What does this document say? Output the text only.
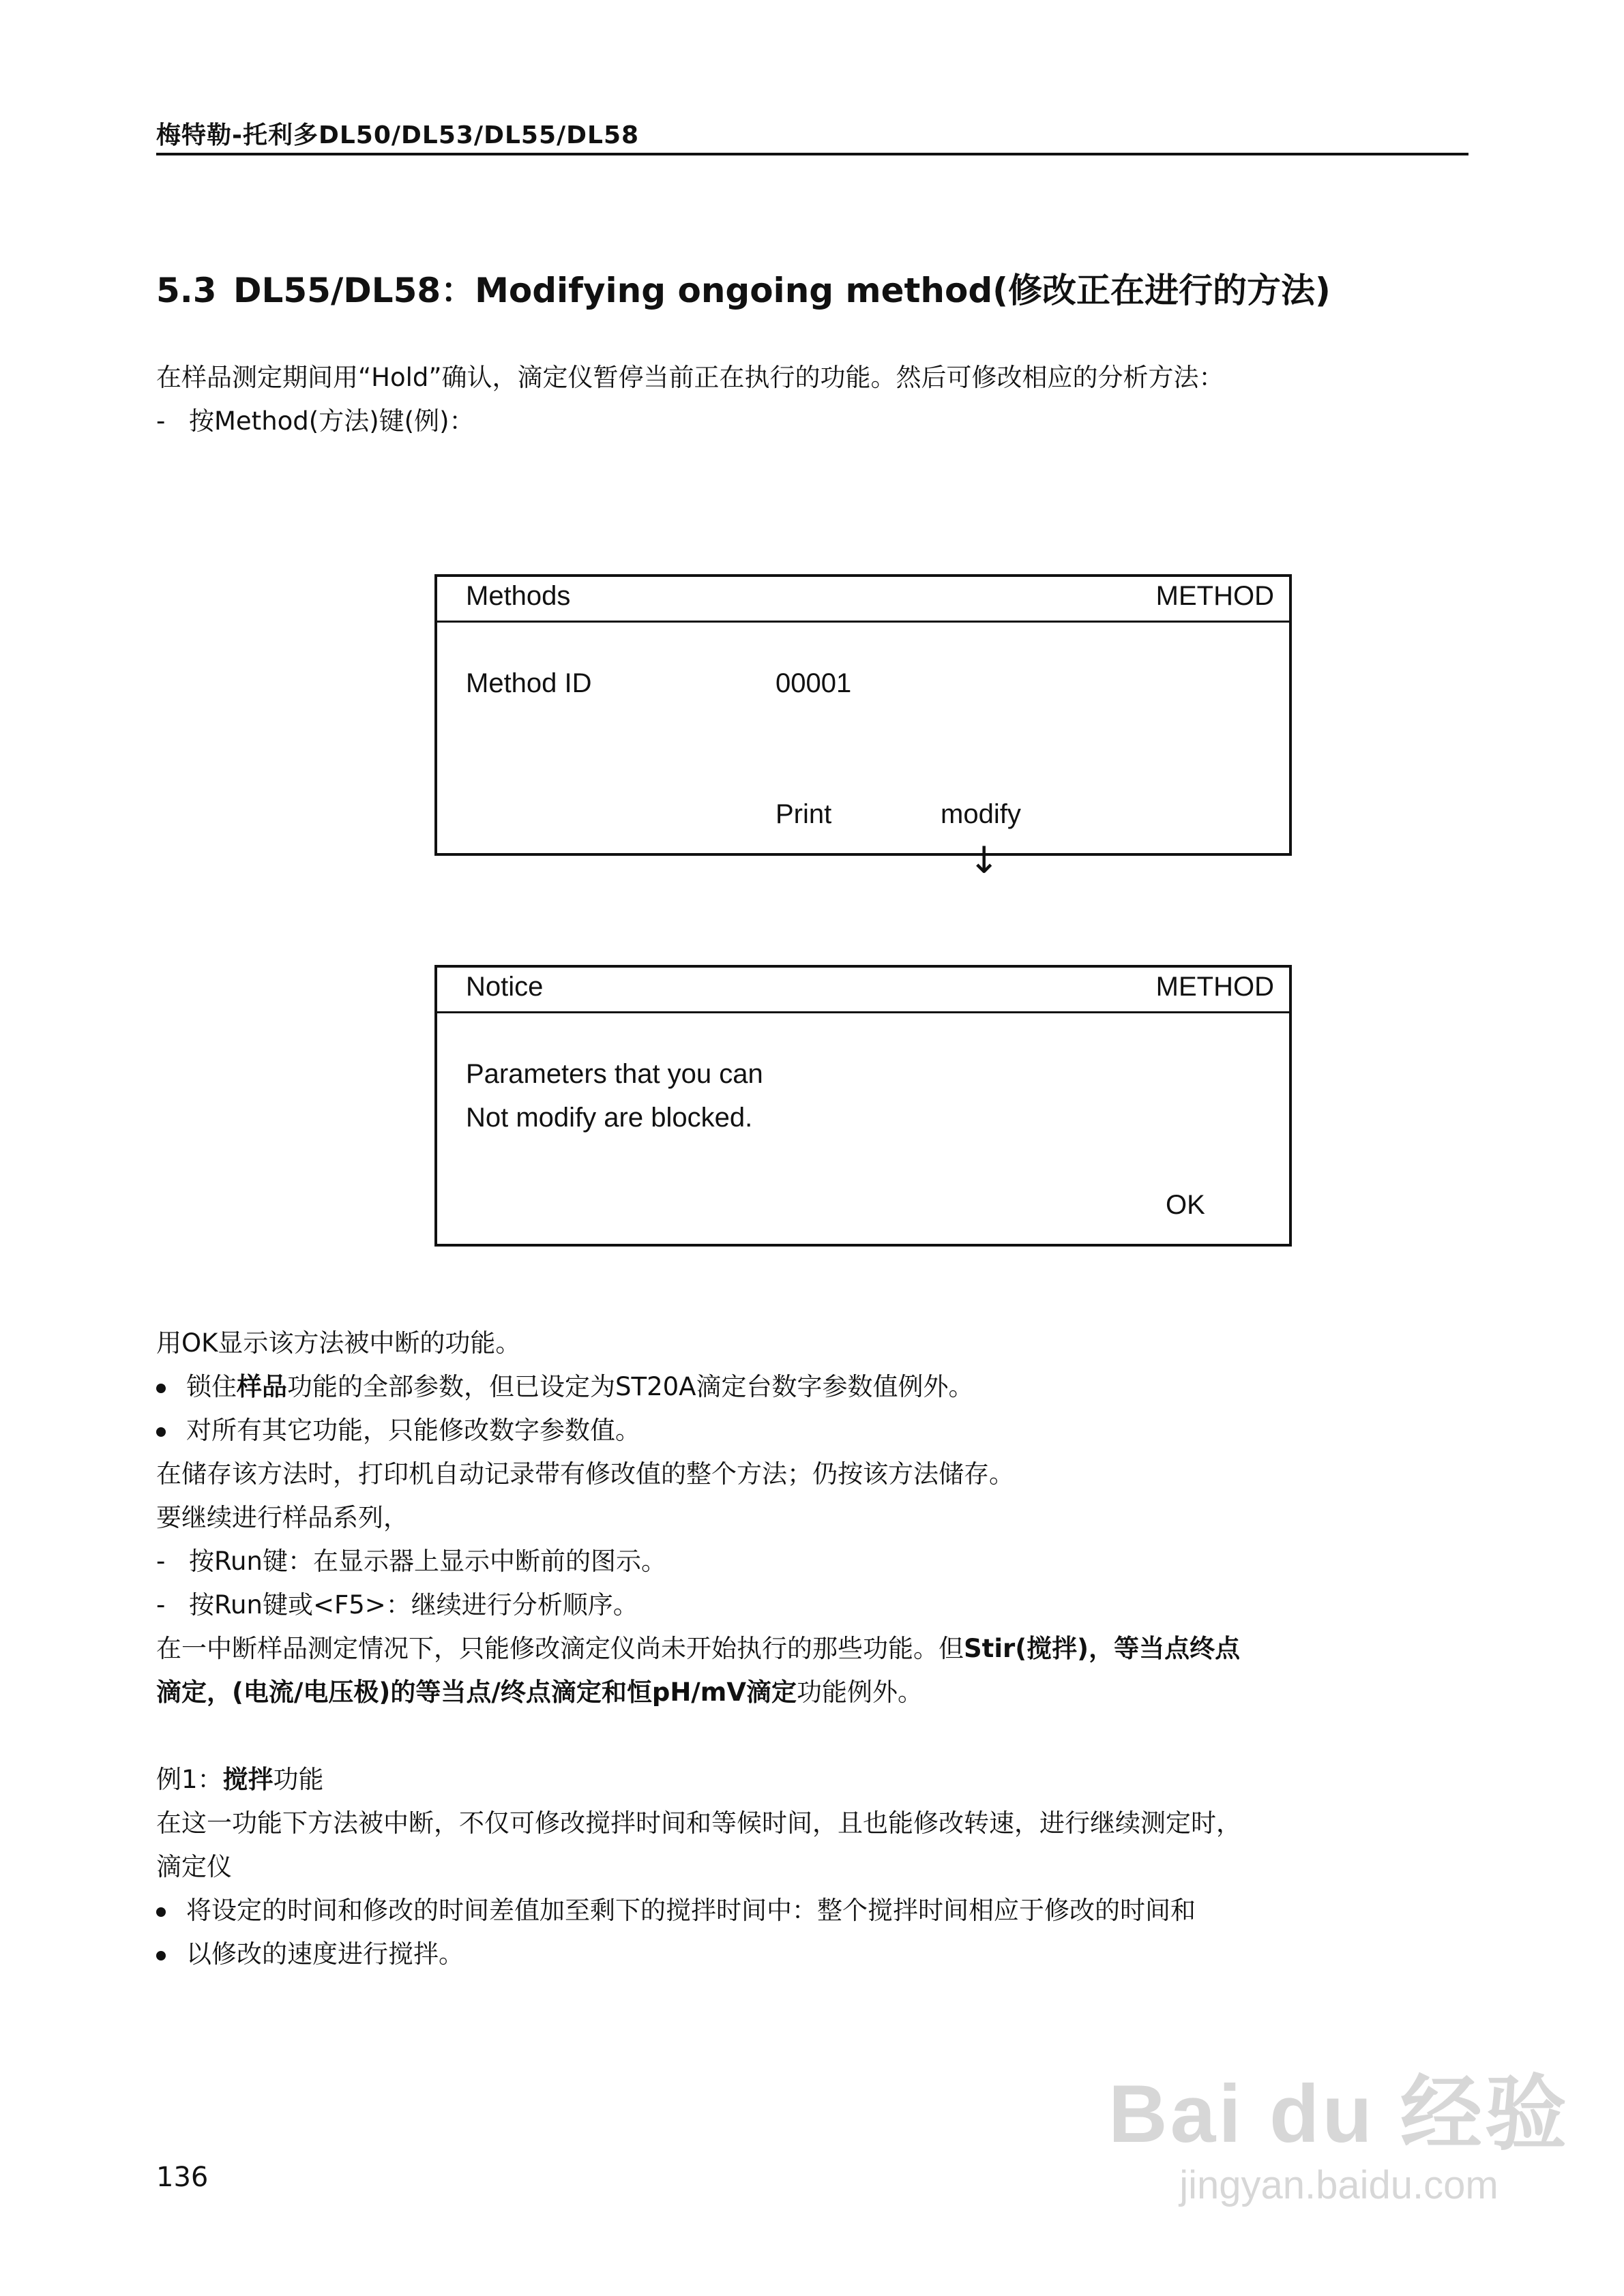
梅特勒-托利多DL50/DL53/DL55/DL58
5.3 DL55/DL58：Modifying ongoing method(修改正在进行的方法)
在样品测定期间用“Hold”确认，滴定仪暂停当前正在执行的功能。然后可修改相应的分析方法：
- 按Method(方法)键(例)：
Methods	METHOD
Method ID	00001
Print	modify
↓
Notice	METHOD
Parameters that you can
Not modify are blocked.
OK
用OK显示该方法被中断的功能。
锁住样品功能的全部参数，但已设定为ST20A滴定台数字参数值例外。
对所有其它功能，只能修改数字参数值。
在储存该方法时，打印机自动记录带有修改值的整个方法；仍按该方法储存。
要继续进行样品系列，
- 按Run键：在显示器上显示中断前的图示。
- 按Run键或<F5>：继续进行分析顺序。
在一中断样品测定情况下，只能修改滴定仪尚未开始执行的那些功能。但Stir(搅拌)，等当点终点
滴定，(电流/电压极)的等当点/终点滴定和恒pH/mV滴定功能例外。
例1：搅拌功能
在这一功能下方法被中断，不仅可修改搅拌时间和等候时间，且也能修改转速，进行继续测定时，
滴定仪
将设定的时间和修改的时间差值加至剩下的搅拌时间中：整个搅拌时间相应于修改的时间和
以修改的速度进行搅拌。
136
Bai du 经验
jingyan.baidu.com
